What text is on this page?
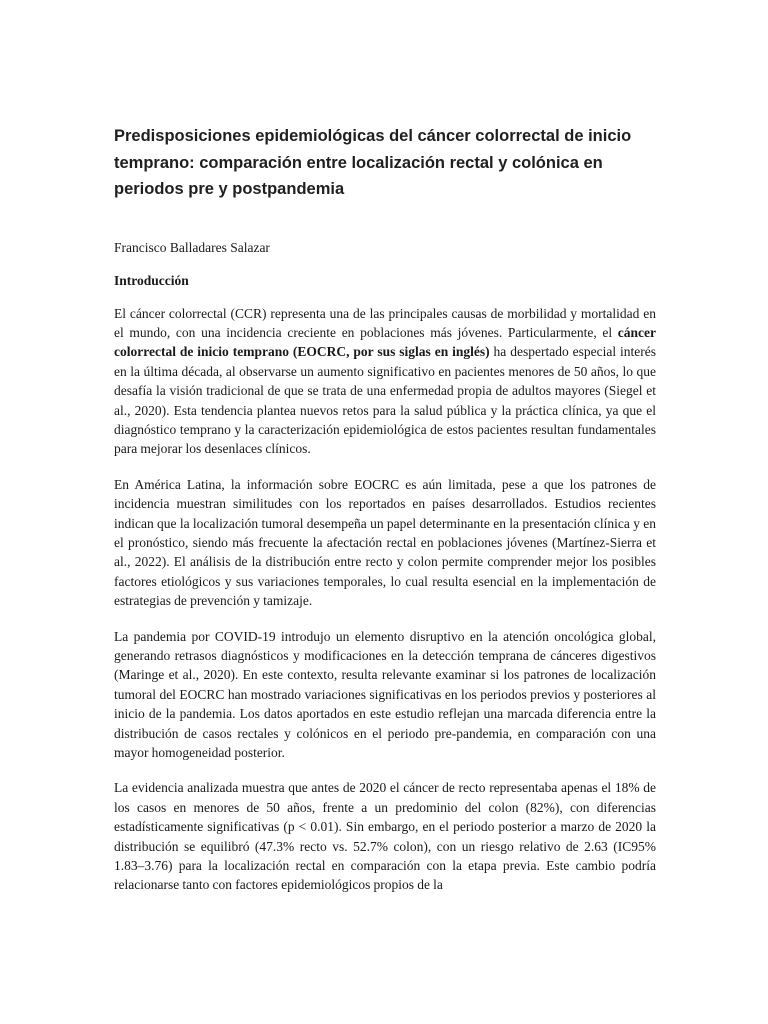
Predisposiciones epidemiológicas del cáncer colorrectal de inicio temprano: comparación entre localización rectal y colónica en periodos pre y postpandemia

Francisco Balladares Salazar

Introducción

El cáncer colorrectal (CCR) representa una de las principales causas de morbilidad y mortalidad en el mundo, con una incidencia creciente en poblaciones más jóvenes. Particularmente, el cáncer colorrectal de inicio temprano (EOCRC, por sus siglas en inglés) ha despertado especial interés en la última década, al observarse un aumento significativo en pacientes menores de 50 años, lo que desafía la visión tradicional de que se trata de una enfermedad propia de adultos mayores (Siegel et al., 2020). Esta tendencia plantea nuevos retos para la salud pública y la práctica clínica, ya que el diagnóstico temprano y la caracterización epidemiológica de estos pacientes resultan fundamentales para mejorar los desenlaces clínicos.

En América Latina, la información sobre EOCRC es aún limitada, pese a que los patrones de incidencia muestran similitudes con los reportados en países desarrollados. Estudios recientes indican que la localización tumoral desempeña un papel determinante en la presentación clínica y en el pronóstico, siendo más frecuente la afectación rectal en poblaciones jóvenes (Martínez-Sierra et al., 2022). El análisis de la distribución entre recto y colon permite comprender mejor los posibles factores etiológicos y sus variaciones temporales, lo cual resulta esencial en la implementación de estrategias de prevención y tamizaje.

La pandemia por COVID-19 introdujo un elemento disruptivo en la atención oncológica global, generando retrasos diagnósticos y modificaciones en la detección temprana de cánceres digestivos (Maringe et al., 2020). En este contexto, resulta relevante examinar si los patrones de localización tumoral del EOCRC han mostrado variaciones significativas en los periodos previos y posteriores al inicio de la pandemia. Los datos aportados en este estudio reflejan una marcada diferencia entre la distribución de casos rectales y colónicos en el periodo pre-pandemia, en comparación con una mayor homogeneidad posterior.

La evidencia analizada muestra que antes de 2020 el cáncer de recto representaba apenas el 18% de los casos en menores de 50 años, frente a un predominio del colon (82%), con diferencias estadísticamente significativas (p < 0.01). Sin embargo, en el periodo posterior a marzo de 2020 la distribución se equilibró (47.3% recto vs. 52.7% colon), con un riesgo relativo de 2.63 (IC95% 1.83–3.76) para la localización rectal en comparación con la etapa previa. Este cambio podría relacionarse tanto con factores epidemiológicos propios de la
